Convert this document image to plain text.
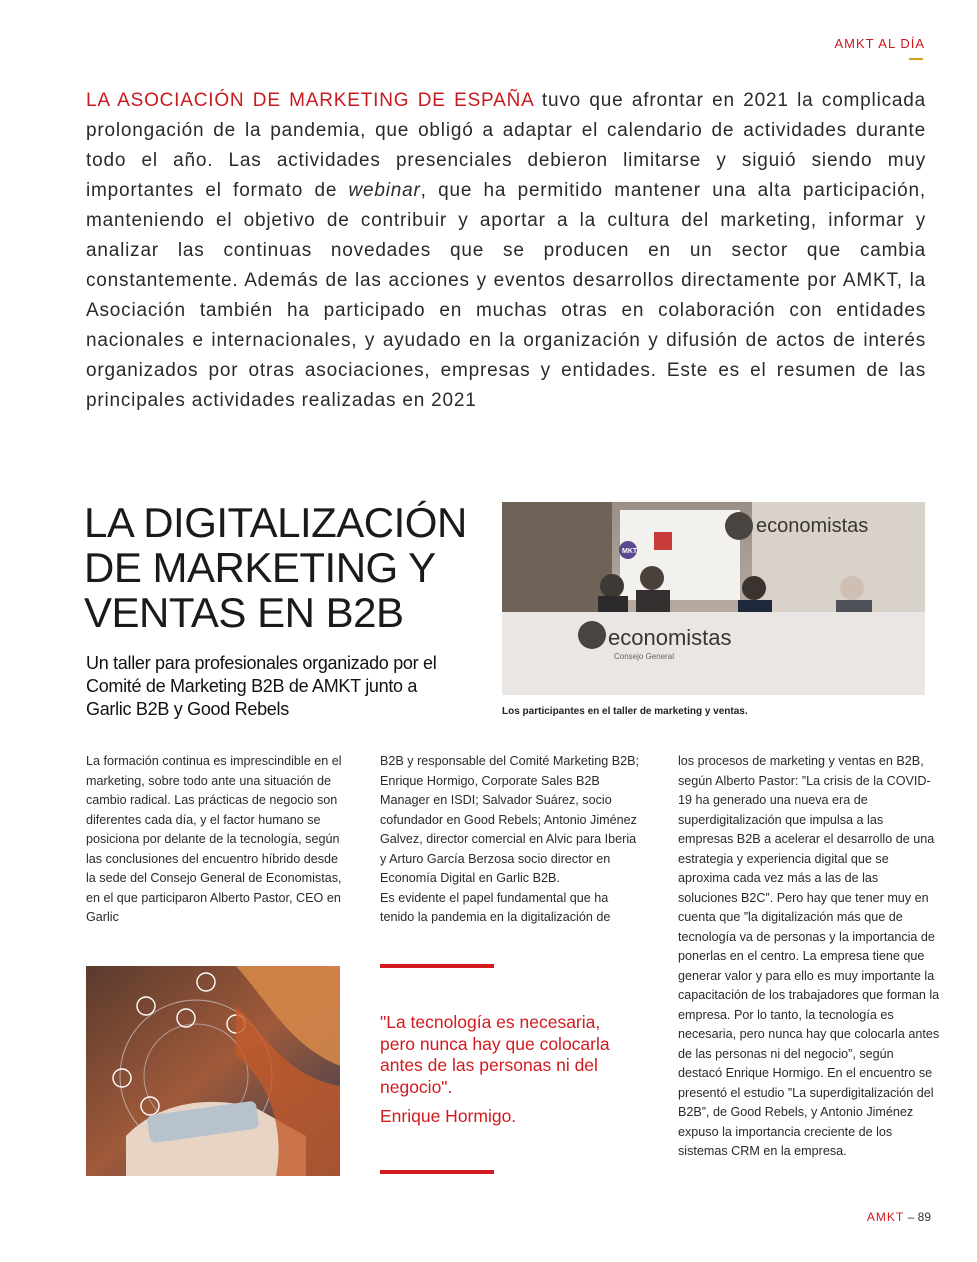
AMKT AL DÍA

LA ASOCIACIÓN DE MARKETING DE ESPAÑA tuvo que afrontar en 2021 la complicada prolongación de la pandemia, que obligó a adaptar el calendario de actividades durante todo el año. Las actividades presenciales debieron limitarse y siguió siendo muy importantes el formato de webinar, que ha permitido mantener una alta participación, manteniendo el objetivo de contribuir y aportar a la cultura del marketing, informar y analizar las continuas novedades que se producen en un sector que cambia constantemente. Además de las acciones y eventos desarrollos directamente por AMKT, la Asociación también ha participado en muchas otras en colaboración con entidades nacionales e internacionales, y ayudado en la organización y difusión de actos de interés organizados por otras asociaciones, empresas y entidades. Este es el resumen de las principales actividades realizadas en 2021

LA DIGITALIZACIÓN
DE MARKETING Y
VENTAS EN B2B

Un taller para profesionales organizado por el Comité de Marketing B2B de AMKT junto a Garlic B2B y Good Rebels

MKT
economistas
economistas
Consejo General
Los participantes en el taller de marketing y ventas.

La formación continua es imprescindible en el marketing, sobre todo ante una situación de cambio radical. Las prácticas de negocio son diferentes cada día, y el factor humano se posiciona por delante de la tecnología, según las conclusiones del encuentro híbrido desde la sede del Consejo General de Economistas, en el que participaron Alberto Pastor, CEO en Garlic

B2B y responsable del Comité Marketing B2B; Enrique Hormigo, Corporate Sales B2B Manager en ISDI; Salvador Suárez, socio cofundador en Good Rebels; Antonio Jiménez Galvez, director comercial en Alvic para Iberia y Arturo García Berzosa socio director en Economía Digital en Garlic B2B.

Es evidente el papel fundamental que ha tenido la pandemia en la digitalización de

los procesos de marketing y ventas en B2B, según Alberto Pastor: ”La crisis de la COVID-19 ha generado una nueva era de superdigitalización que impulsa a las empresas B2B a acelerar el desarrollo de una estrategia y experiencia digital que se aproxima cada vez más a las de las soluciones B2C”. Pero hay que tener muy en cuenta que ”la digitalización más que de tecnología va de personas y la importancia de ponerlas en el centro. La empresa tiene que generar valor y para ello es muy importante la capacitación de los trabajadores que forman la empresa. Por lo tanto, la tecnología es necesaria, pero nunca hay que colocarla antes de las personas ni del negocio”, según destacó Enrique Hormigo. En el encuentro se presentó el estudio ”La superdigitalización del B2B”, de Good Rebels, y Antonio Jiménez expuso la importancia creciente de los sistemas CRM en la empresa.

"La tecnología es necesaria, pero nunca hay que colocarla antes de las personas ni del negocio".

Enrique Hormigo.
AMKT – 89
